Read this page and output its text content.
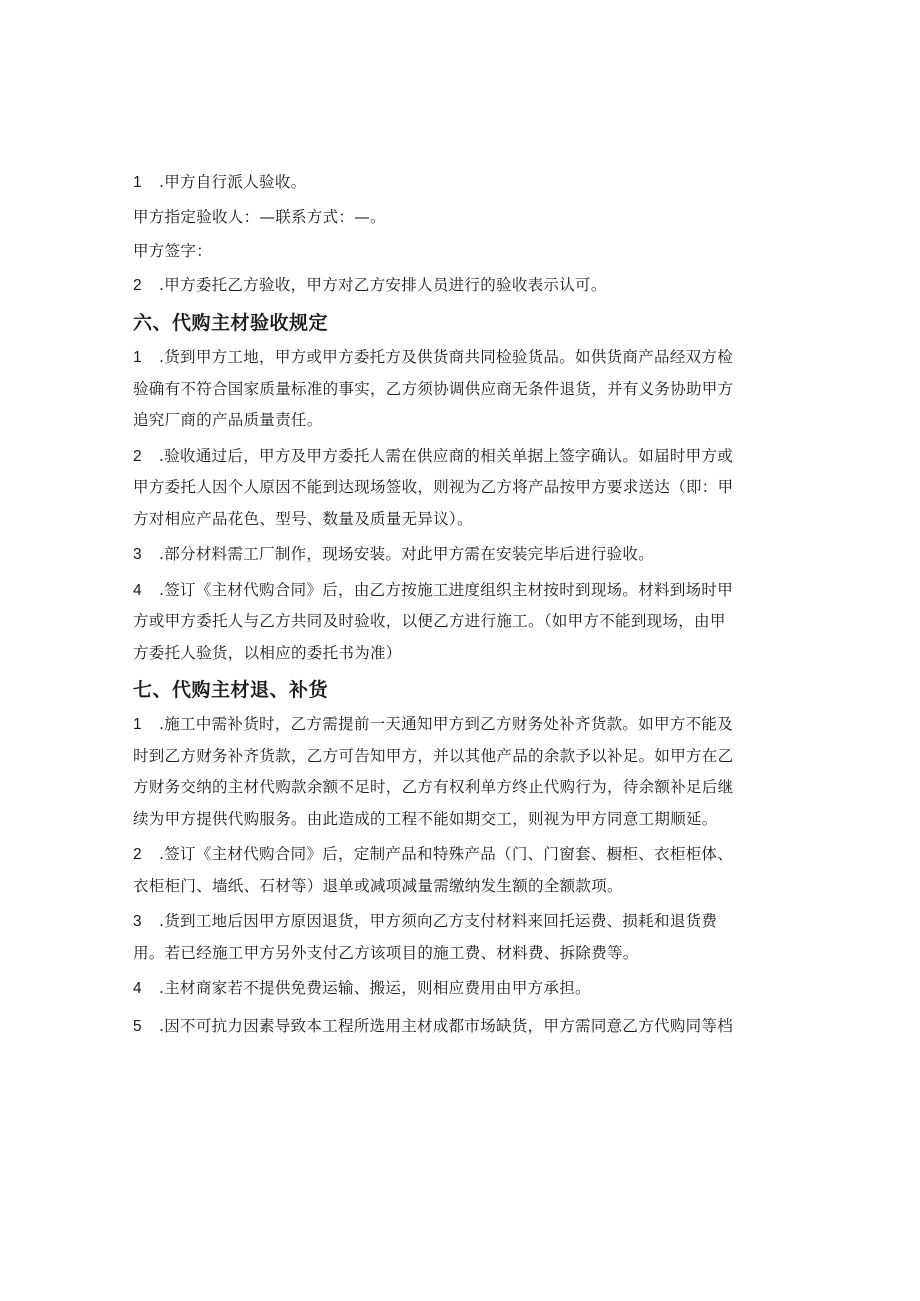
1 .甲方自行派人验收。

甲方指定验收人：—联系方式：—。

甲方签字：

2 .甲方委托乙方验收，甲方对乙方安排人员进行的验收表示认可。

六、代购主材验收规定

1 .货到甲方工地，甲方或甲方委托方及供货商共同检验货品。如供货商产品经双方检

验确有不符合国家质量标准的事实，乙方须协调供应商无条件退货，并有义务协助甲方

追究厂商的产品质量责任。

2 .验收通过后，甲方及甲方委托人需在供应商的相关单据上签字确认。如届时甲方或

甲方委托人因个人原因不能到达现场签收，则视为乙方将产品按甲方要求送达（即：甲

方对相应产品花色、型号、数量及质量无异议）。

3 .部分材料需工厂制作，现场安装。对此甲方需在安装完毕后进行验收。

4 .签订《主材代购合同》后，由乙方按施工进度组织主材按时到现场。材料到场时甲

方或甲方委托人与乙方共同及时验收，以便乙方进行施工。（如甲方不能到现场，由甲

方委托人验货，以相应的委托书为准）

七、代购主材退、补货

1 .施工中需补货时，乙方需提前一天通知甲方到乙方财务处补齐货款。如甲方不能及

时到乙方财务补齐货款，乙方可告知甲方，并以其他产品的余款予以补足。如甲方在乙

方财务交纳的主材代购款余额不足时，乙方有权利单方终止代购行为，待余额补足后继

续为甲方提供代购服务。由此造成的工程不能如期交工，则视为甲方同意工期顺延。

2 .签订《主材代购合同》后，定制产品和特殊产品（门、门窗套、橱柜、衣柜柜体、

衣柜柜门、墙纸、石材等）退单或减项减量需缴纳发生额的全额款项。

3 .货到工地后因甲方原因退货，甲方须向乙方支付材料来回托运费、损耗和退货费

用。若已经施工甲方另外支付乙方该项目的施工费、材料费、拆除费等。

4 .主材商家若不提供免费运输、搬运，则相应费用由甲方承担。

5 .因不可抗力因素导致本工程所选用主材成都市场缺货，甲方需同意乙方代购同等档
